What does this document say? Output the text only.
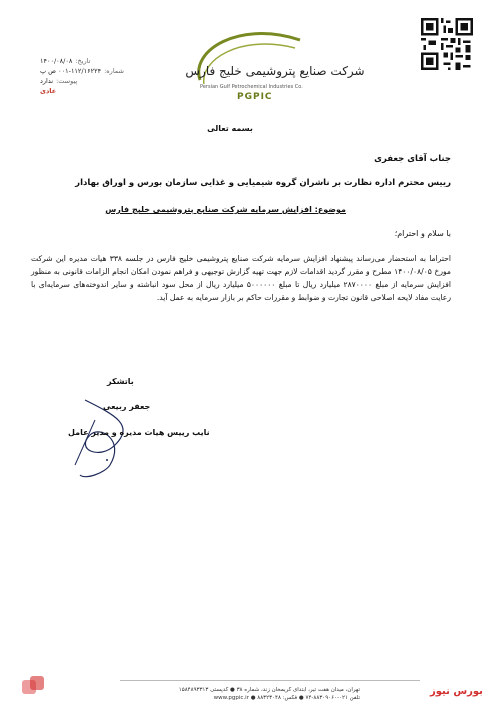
تاریخ:
۱۴۰۰/۰۸/۰۸
شماره:
۰۰۱-۱۱۲/۱۶۲۲۴ ص پ
پیوست:
ندارد
عادی
شرکت صنایع پتروشیمی خلیج فارس
Persian Gulf Petrochemical Industries Co.
PGPIC
بسمه تعالی
جناب آقای جعفری
رییس محترم اداره نظارت بر ناشران گروه شیمیایی و غذایی سازمان بورس و اوراق بهادار
موضوع: افزایش سرمایه شرکت صنایع پتروشیمی خلیج فارس
با سلام و احترام؛
احتراما به استحضار می‌رساند پیشنهاد افزایش سرمایه شرکت صنایع پتروشیمی خلیج فارس در جلسه ۳۳۸ هیات مدیره این شرکت مورخ ۱۴۰۰/۰۸/۰۵ مطرح و مقرر گردید اقدامات لازم جهت تهیه گزارش توجیهی و فراهم نمودن امکان انجام الزامات قانونی به منظور افزایش سرمایه از مبلغ ۲۸۷۰۰۰۰ میلیارد ریال تا مبلغ ۵۰۰۰۰۰۰ میلیارد ریال از محل سود انباشته و سایر اندوخته‌های سرمایه‌ای با رعایت مفاد لایحه اصلاحی قانون تجارت و ضوابط و مقررات حاکم بر بازار سرمایه به عمل آید.
باتشکر
جعفر ربیعی
نایب رییس هیات مدیره و مدیر عامل
تهران، میدان هفت تیر، ابتدای کریمخان زند، شماره ۳۸ ● کدپستی ۱۵۸۴۸۹۳۳۱۳
تلفن ۰۲۱-۸۸۳۰۹۰۶۰-۷۴ ● فکس: ۸۸۳۲۳۰۴۸ ● www.pgpic.ir
بورس نیوز
